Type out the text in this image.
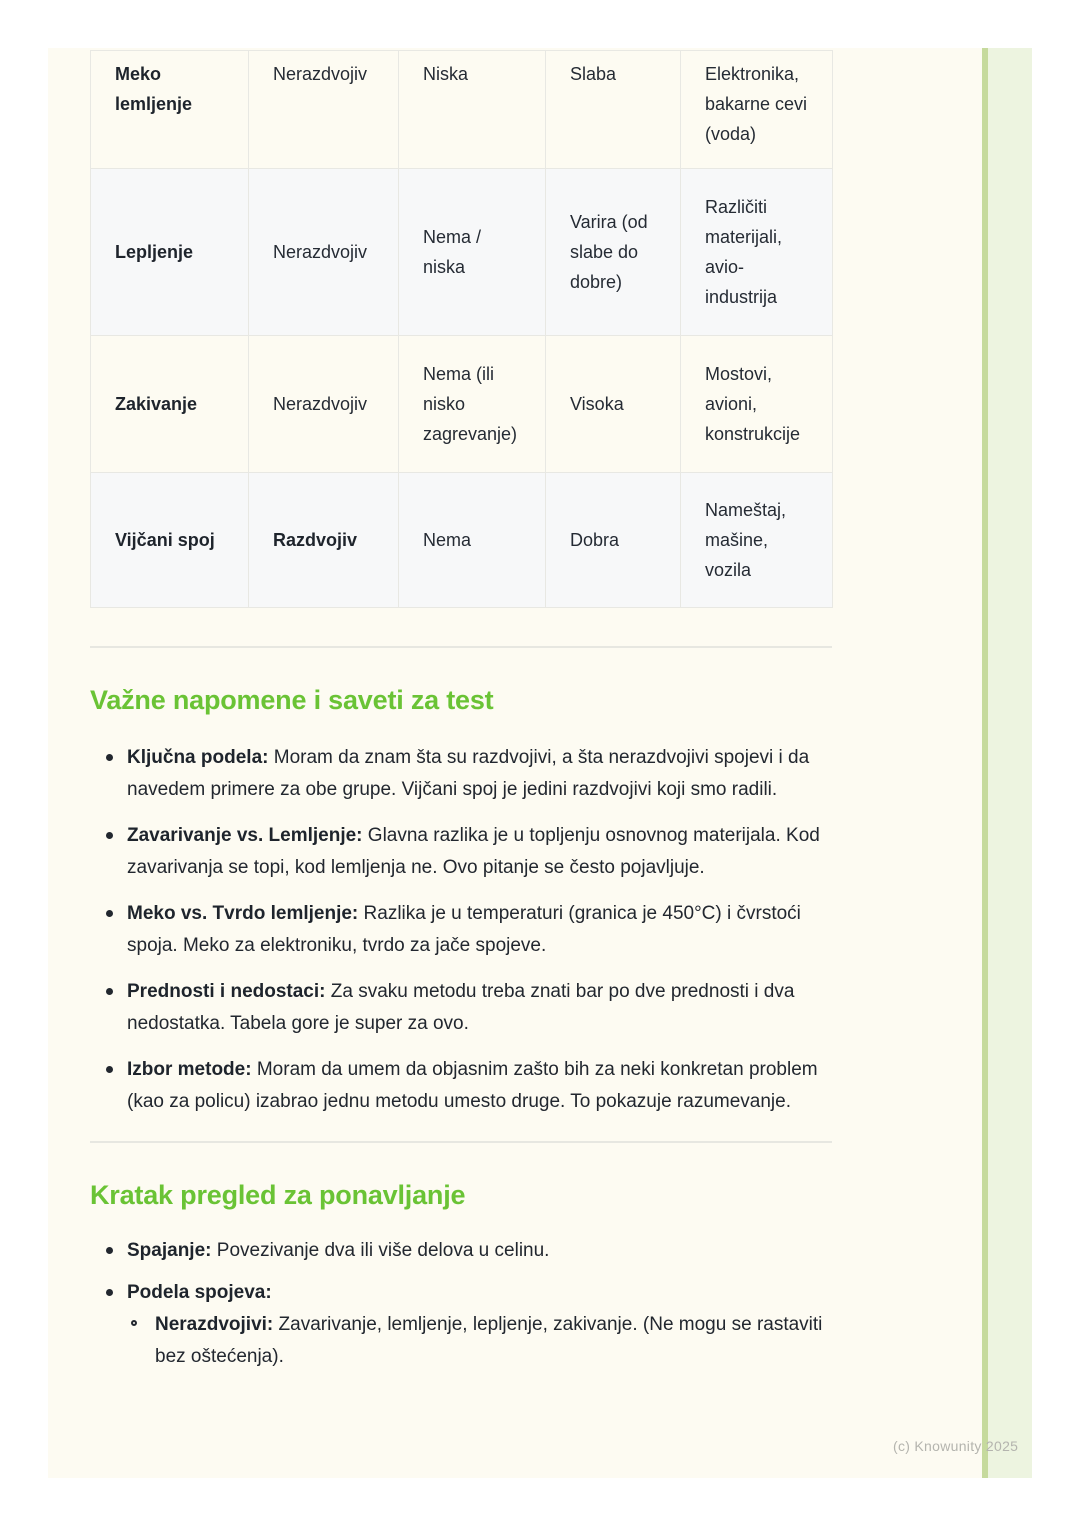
(c) Knowunity 2025
Meko lemljenje	Nerazdvojiv	Niska	Slaba	Elektronika, bakarne cevi (voda)
Lepljenje	Nerazdvojiv	Nema / niska	Varira (od slabe do dobre)	Različiti materijali, avio-industrija
Zakivanje	Nerazdvojiv	Nema (ili nisko zagrevanje)	Visoka	Mostovi, avioni, konstrukcije
Vijčani spoj	Razdvojiv	Nema	Dobra	Nameštaj, mašine, vozila
Važne napomene i saveti za test
Ključna podela: Moram da znam šta su razdvojivi, a šta nerazdvojivi spojevi i da navedem primere za obe grupe. Vijčani spoj je jedini razdvojivi koji smo radili.
Zavarivanje vs. Lemljenje: Glavna razlika je u topljenju osnovnog materijala. Kod zavarivanja se topi, kod lemljenja ne. Ovo pitanje se često pojavljuje.
Meko vs. Tvrdo lemljenje: Razlika je u temperaturi (granica je 450°C) i čvrstoći spoja. Meko za elektroniku, tvrdo za jače spojeve.
Prednosti i nedostaci: Za svaku metodu treba znati bar po dve prednosti i dva nedostatka. Tabela gore je super za ovo.
Izbor metode: Moram da umem da objasnim zašto bih za neki konkretan problem (kao za policu) izabrao jednu metodu umesto druge. To pokazuje razumevanje.
Kratak pregled za ponavljanje
Spajanje: Povezivanje dva ili više delova u celinu.
Podela spojeva:
Nerazdvojivi: Zavarivanje, lemljenje, lepljenje, zakivanje. (Ne mogu se rastaviti bez oštećenja).
